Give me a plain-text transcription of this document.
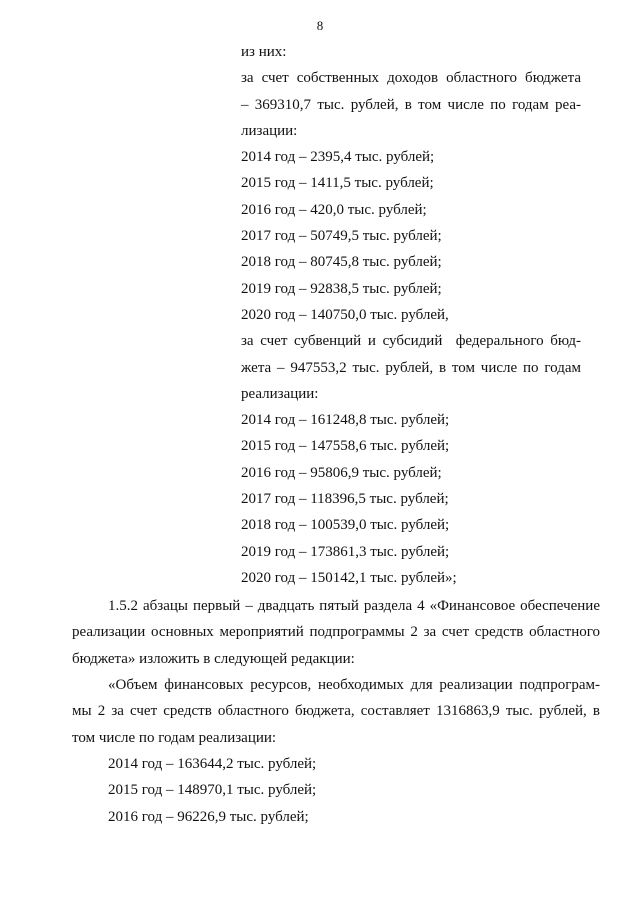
8
из них:
за счет собственных доходов областного бюджета
– 369310,7 тыс. рублей, в том числе по годам реа-
лизации:
2014 год – 2395,4 тыс. рублей;
2015 год – 1411,5 тыс. рублей;
2016 год – 420,0 тыс. рублей;
2017 год – 50749,5 тыс. рублей;
2018 год – 80745,8 тыс. рублей;
2019 год – 92838,5 тыс. рублей;
2020 год – 140750,0 тыс. рублей,
за счет субвенций и субсидий  федерального бюд-
жета – 947553,2 тыс. рублей, в том числе по годам
реализации:
2014 год – 161248,8 тыс. рублей;
2015 год – 147558,6 тыс. рублей;
2016 год – 95806,9 тыс. рублей;
2017 год – 118396,5 тыс. рублей;
2018 год – 100539,0 тыс. рублей;
2019 год – 173861,3 тыс. рублей;
2020 год – 150142,1 тыс. рублей»;
1.5.2 абзацы первый – двадцать пятый раздела 4 «Финансовое обеспечение
реализации основных мероприятий подпрограммы 2 за счет средств областного
бюджета» изложить в следующей редакции:
«Объем финансовых ресурсов, необходимых для реализации подпрограм-
мы 2 за счет средств областного бюджета, составляет 1316863,9 тыс. рублей, в
том числе по годам реализации:
2014 год – 163644,2 тыс. рублей;
2015 год – 148970,1 тыс. рублей;
2016 год – 96226,9 тыс. рублей;
